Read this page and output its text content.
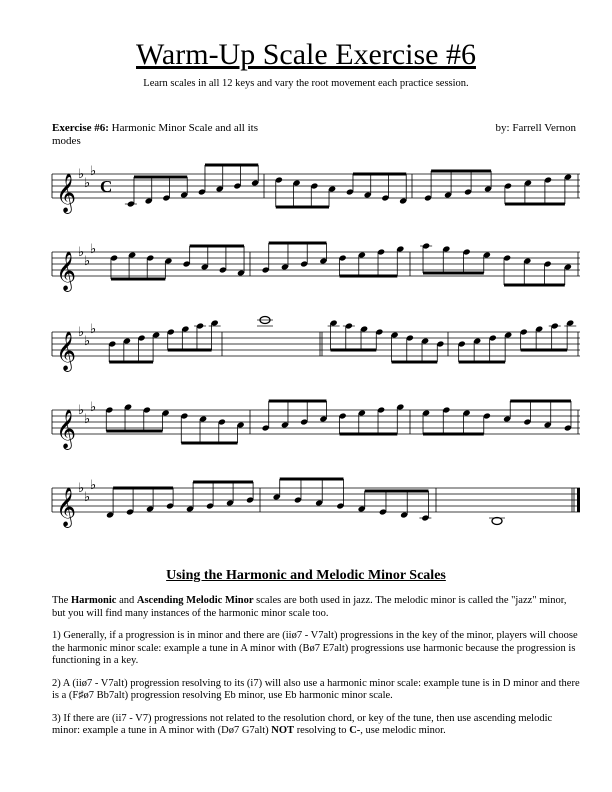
Warm-Up Scale Exercise #6
Learn scales in all 12 keys and vary the root movement each practice session.
Exercise #6: Harmonic Minor Scale and all its modes
by: Farrell Vernon
𝄞 ♭
♭
♭
C
𝄞 ♭
♭
♭
𝄞 ♭
♭
♭
𝄞 ♭
♭
♭
𝄞 ♭
♭
♭
Using the Harmonic and Melodic Minor Scales

The Harmonic and Ascending Melodic Minor scales are both used in jazz. The melodic minor is called the "jazz" minor, but you will find many instances of the harmonic minor scale too.

1) Generally, if a progression is in minor and there are (iiø7 - V7alt) progressions in the key of the minor, players will choose the harmonic minor scale: example a tune in A minor with (Bø7 E7alt) progressions use harmonic because the progression is functioning in a key.

2) A (iiø7 - V7alt) progression resolving to its (i7) will also use a harmonic minor scale: example tune is in D minor and there is a (F♯ø7 Bb7alt) progression resolving Eb minor, use Eb harmonic minor scale.

3) If there are (ii7 - V7) progressions not related to the resolution chord, or key of the tune, then use ascending melodic minor: example a tune in A minor with (Dø7 G7alt) NOT resolving to C-, use melodic minor.
